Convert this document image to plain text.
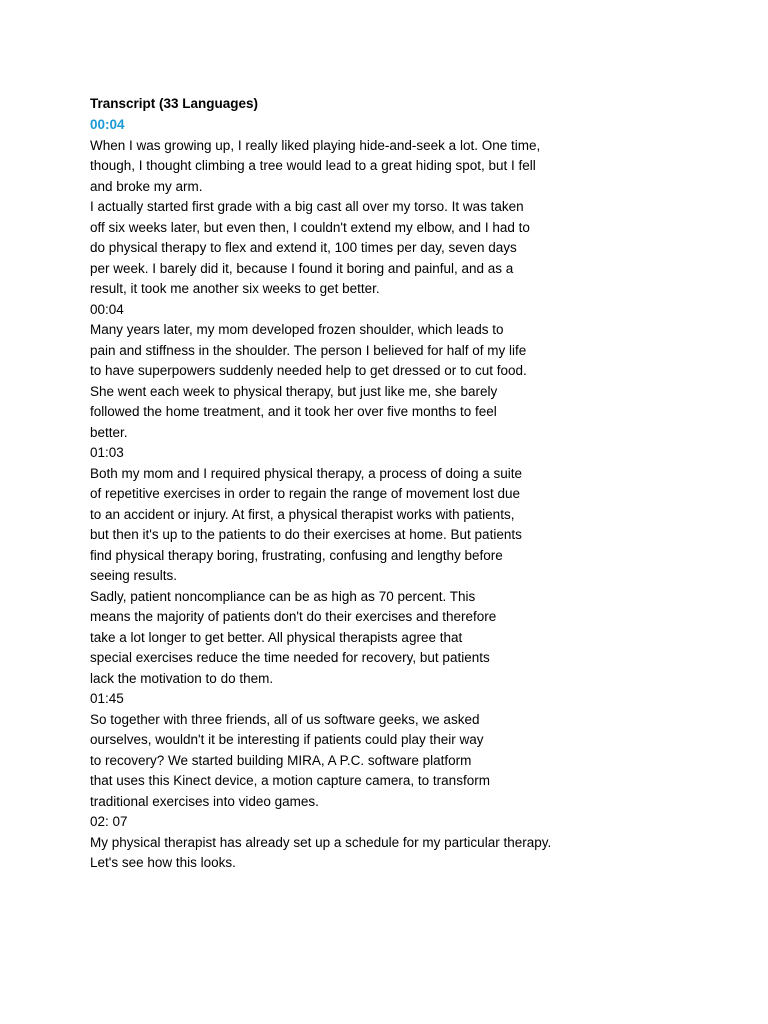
Transcript (33 Languages)
00:04
When I was growing up, I really liked playing hide-and-seek a lot. One time,
though, I thought climbing a tree would lead to a great hiding spot, but I fell
and broke my arm.
I actually started first grade with a big cast all over my torso. It was taken
off six weeks later, but even then, I couldn't extend my elbow, and I had to
do physical therapy to flex and extend it, 100 times per day, seven days
per week. I barely did it, because I found it boring and painful, and as a
result, it took me another six weeks to get better.
00:04
Many years later, my mom developed frozen shoulder, which leads to
pain and stiffness in the shoulder. The person I believed for half of my life
to have superpowers suddenly needed help to get dressed or to cut food.
She went each week to physical therapy, but just like me, she barely
followed the home treatment, and it took her over five months to feel
better.
01:03
Both my mom and I required physical therapy, a process of doing a suite
of repetitive exercises in order to regain the range of movement lost due
to an accident or injury. At first, a physical therapist works with patients,
but then it's up to the patients to do their exercises at home. But patients
find physical therapy boring, frustrating, confusing and lengthy before
seeing results.
Sadly, patient noncompliance can be as high as 70 percent. This
means the majority of patients don't do their exercises and therefore
take a lot longer to get better. All physical therapists agree that
special exercises reduce the time needed for recovery, but patients
lack the motivation to do them.
01:45
So together with three friends, all of us software geeks, we asked
ourselves, wouldn't it be interesting if patients could play their way
to recovery? We started building MIRA, A P.C. software platform
that uses this Kinect device, a motion capture camera, to transform
traditional exercises into video games.
02: 07
My physical therapist has already set up a schedule for my particular therapy.
Let's see how this looks.
